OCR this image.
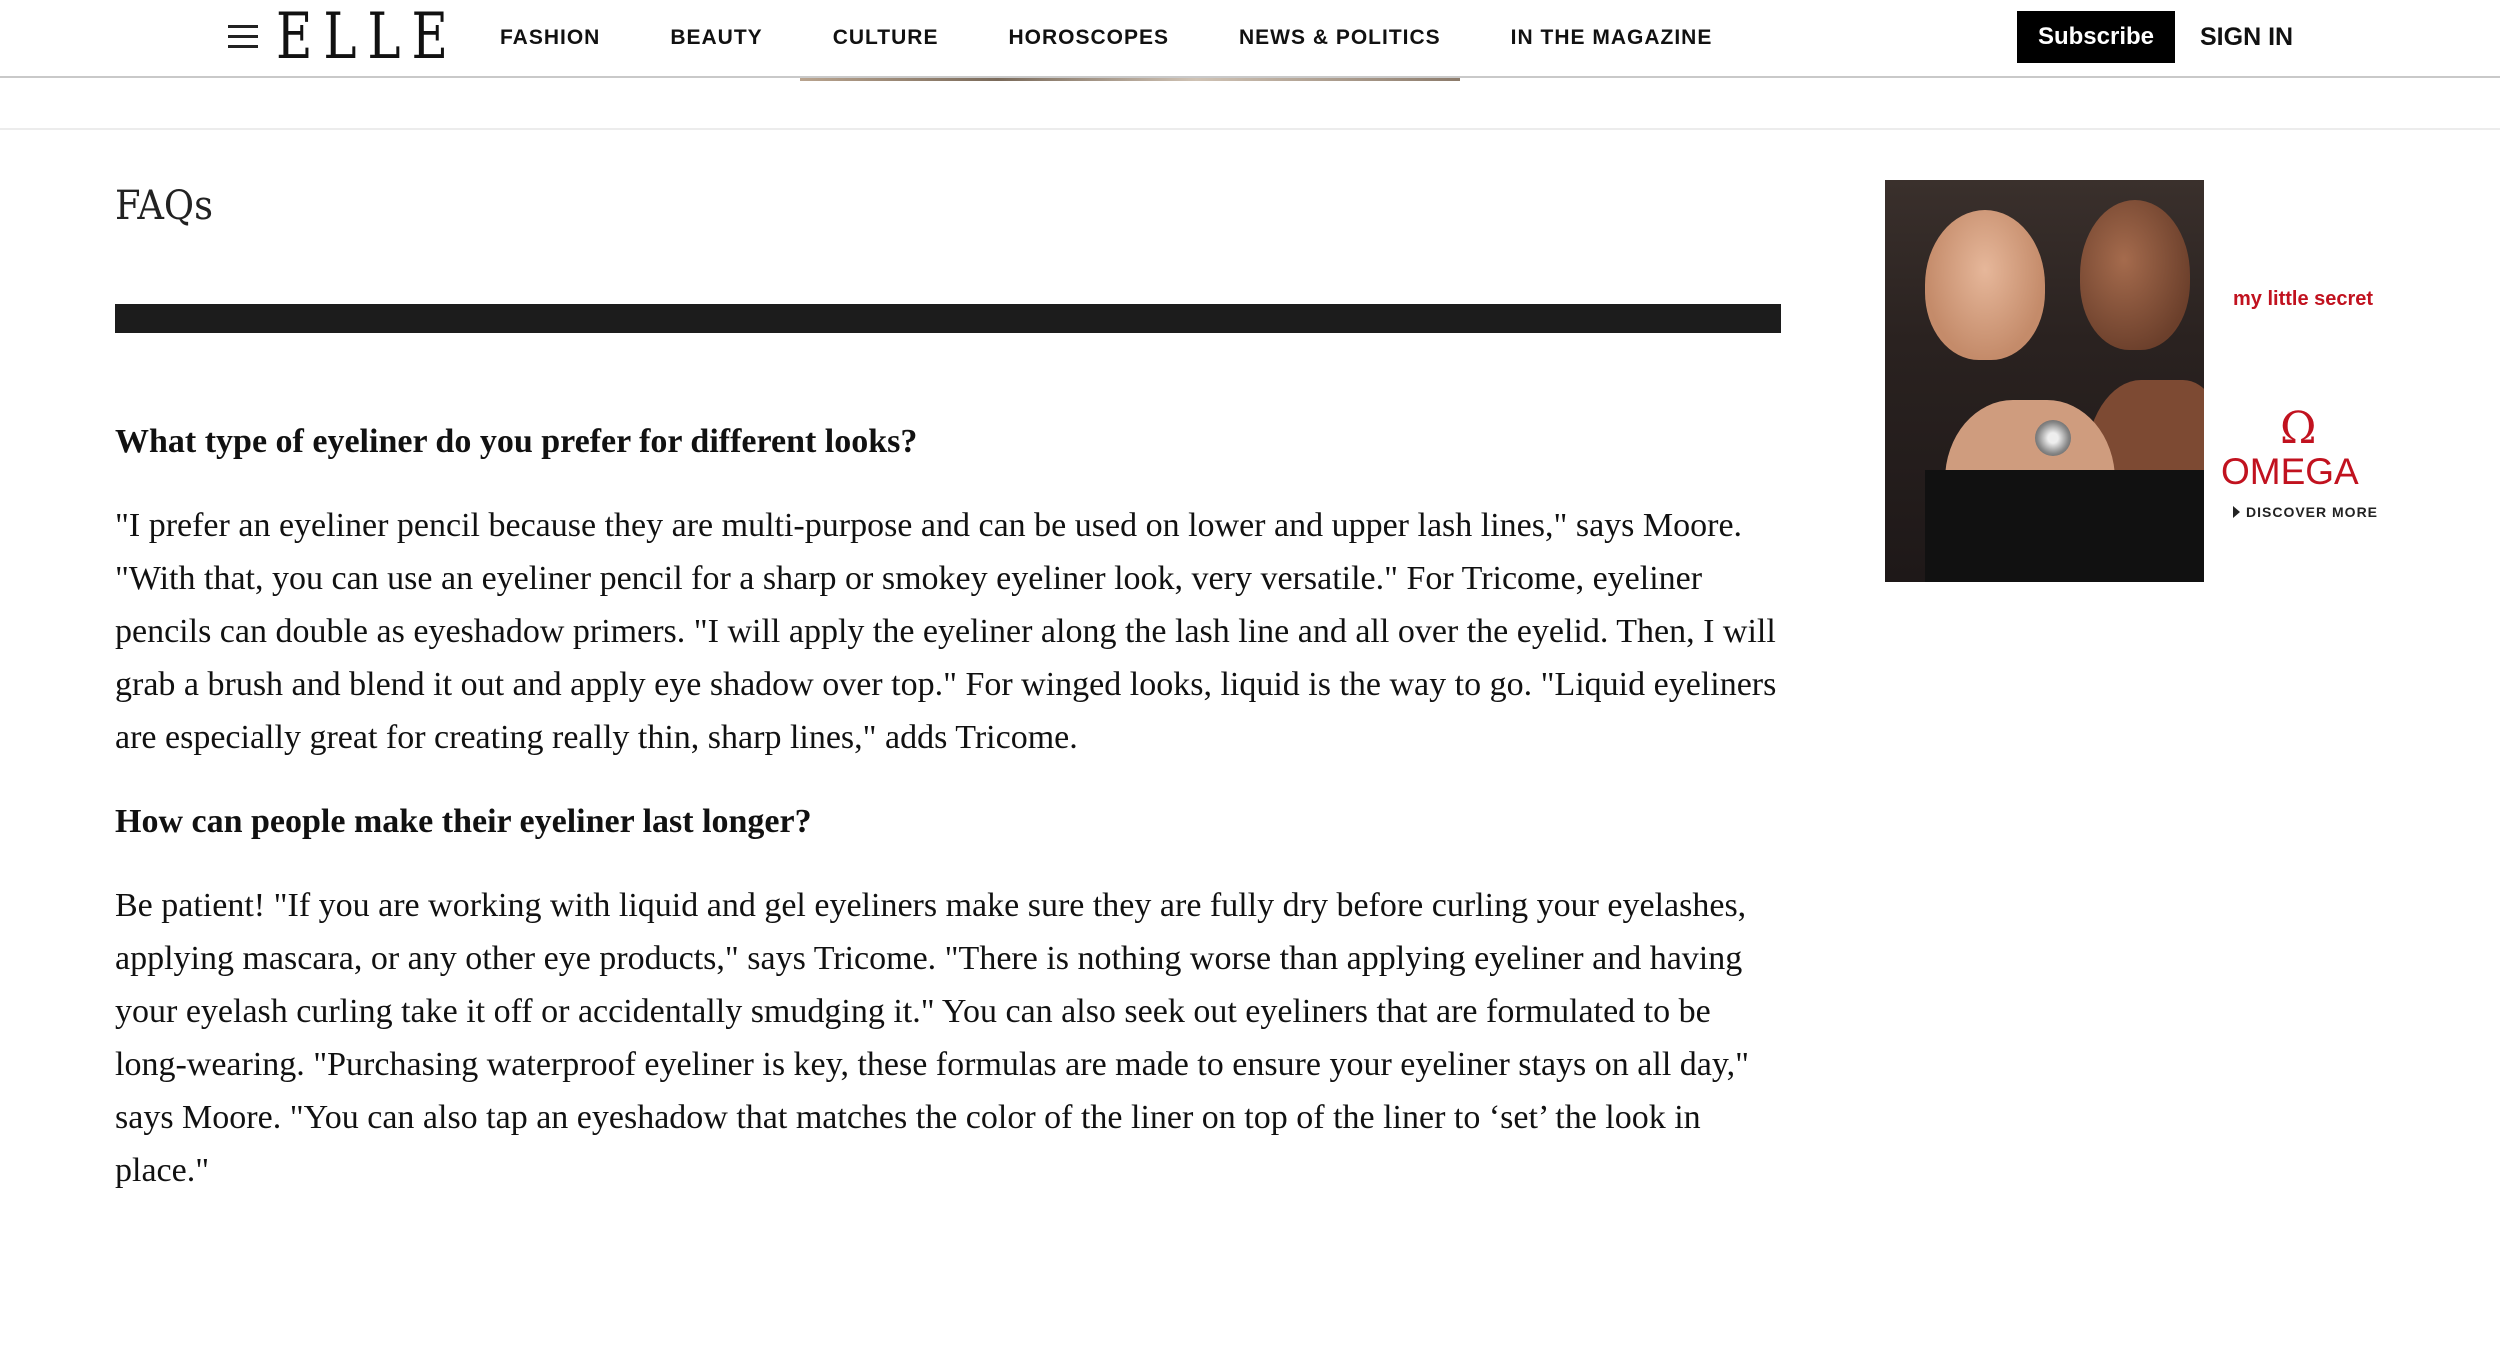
ELLE FASHION	BEAUTY	CULTURE	HOROSCOPES	NEWS & POLITICS	IN THE MAGAZINE	Subscribe	SIGN IN
FAQs
What type of eyeliner do you prefer for different looks?

"I prefer an eyeliner pencil because they are multi-purpose and can be used on lower and upper lash lines," says Moore. "With that, you can use an eyeliner pencil for a sharp or smokey eyeliner look, very versatile." For Tricome, eyeliner pencils can double as eyeshadow primers. "I will apply the eyeliner along the lash line and all over the eyelid. Then, I will grab a brush and blend it out and apply eye shadow over top." For winged looks, liquid is the way to go. "Liquid eyeliners are especially great for creating really thin, sharp lines," adds Tricome.

How can people make their eyeliner last longer?

Be patient! "If you are working with liquid and gel eyeliners make sure they are fully dry before curling your eyelashes, applying mascara, or any other eye products," says Tricome. "There is nothing worse than applying eyeliner and having your eyelash curling take it off or accidentally smudging it." You can also seek out eyeliners that are formulated to be long-wearing. "Purchasing waterproof eyeliner is key, these formulas are made to ensure your eyeliner stays on all day," says Moore. "You can also tap an eyeshadow that matches the color of the liner on top of the liner to ‘set’ the look in place."

my little secret
Ω
OMEGA
DISCOVER MORE
